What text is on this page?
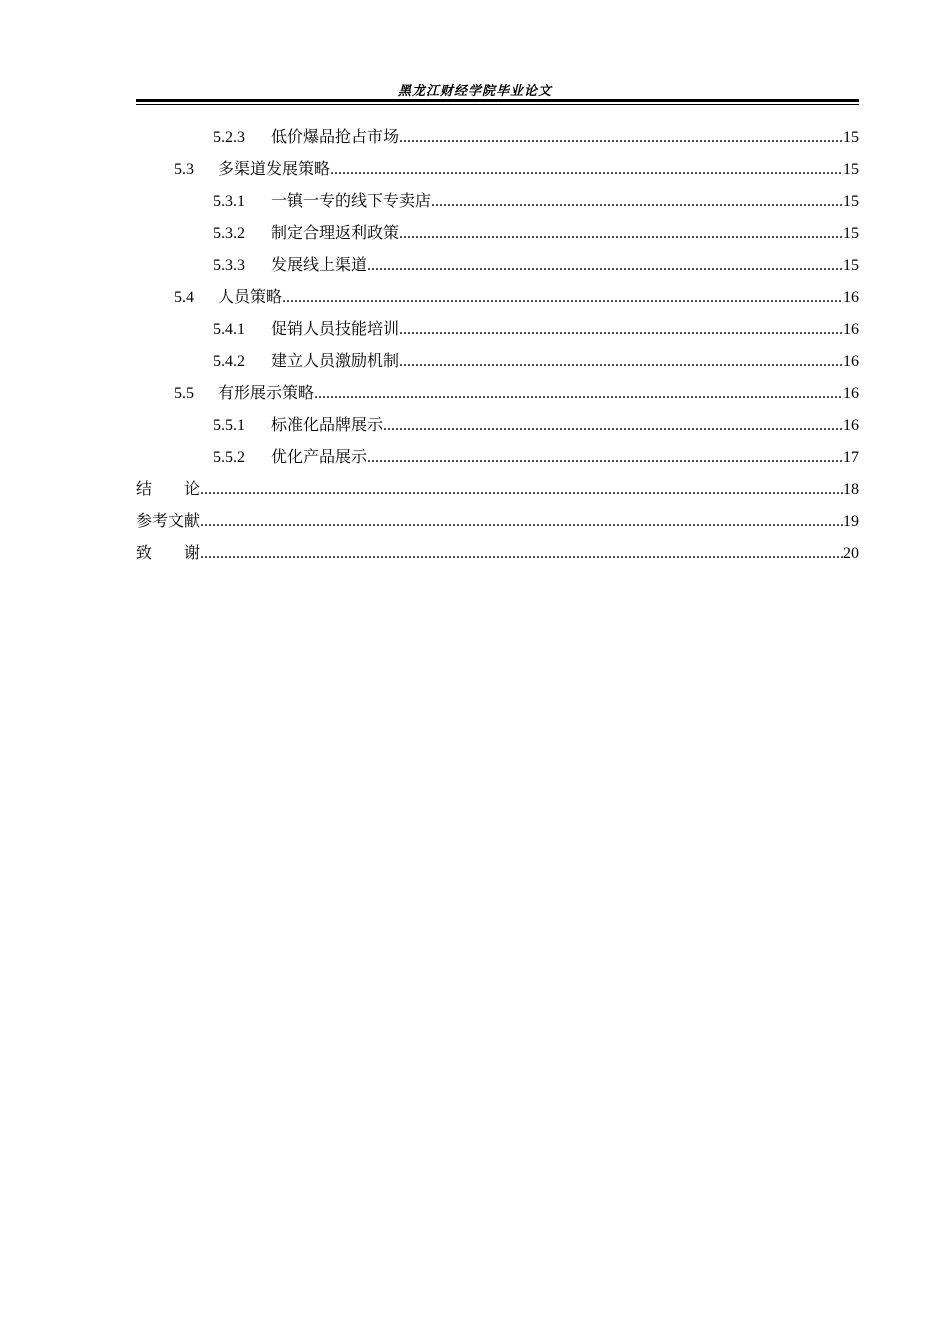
黑龙江财经学院毕业论文
5.2.3	低价爆品抢占市场 .....	15
5.3	多渠道发展策略 .....	15
5.3.1	一镇一专的线下专卖店 .....	15
5.3.2	制定合理返利政策 .....	15
5.3.3	发展线上渠道 .....	15
5.4	人员策略 .....	16
5.4.1	促销人员技能培训 .....	16
5.4.2	建立人员激励机制 .....	16
5.5	有形展示策略 .....	16
5.5.1	标准化品牌展示 .....	16
5.5.2	优化产品展示 .....	17
结　　论 .....	18
参考文献 .....	19
致　　谢 .....	20
